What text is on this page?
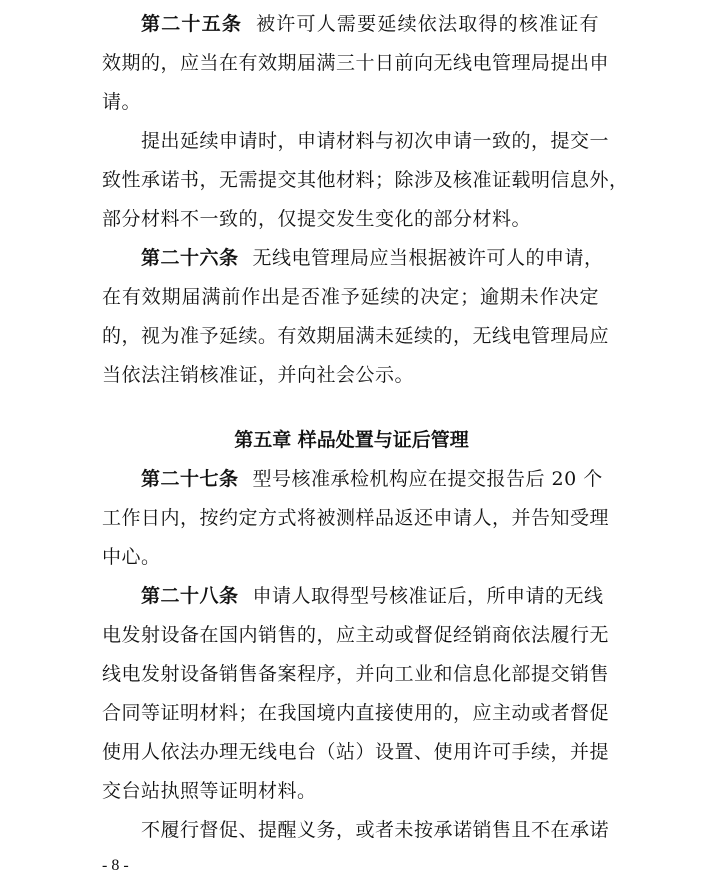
第二十五条 被许可人需要延续依法取得的核准证有
效期的，应当在有效期届满三十日前向无线电管理局提出申
请。
提出延续申请时，申请材料与初次申请一致的，提交一
致性承诺书，无需提交其他材料；除涉及核准证载明信息外，
部分材料不一致的，仅提交发生变化的部分材料。
第二十六条 无线电管理局应当根据被许可人的申请，
在有效期届满前作出是否准予延续的决定；逾期未作决定
的，视为准予延续。有效期届满未延续的，无线电管理局应
当依法注销核准证，并向社会公示。
第五章 样品处置与证后管理
第二十七条 型号核准承检机构应在提交报告后 20 个
工作日内，按约定方式将被测样品返还申请人，并告知受理
中心。
第二十八条 申请人取得型号核准证后，所申请的无线
电发射设备在国内销售的，应主动或督促经销商依法履行无
线电发射设备销售备案程序，并向工业和信息化部提交销售
合同等证明材料；在我国境内直接使用的，应主动或者督促
使用人依法办理无线电台（站）设置、使用许可手续，并提
交台站执照等证明材料。
不履行督促、提醒义务，或者未按承诺销售且不在承诺
- 8 -
